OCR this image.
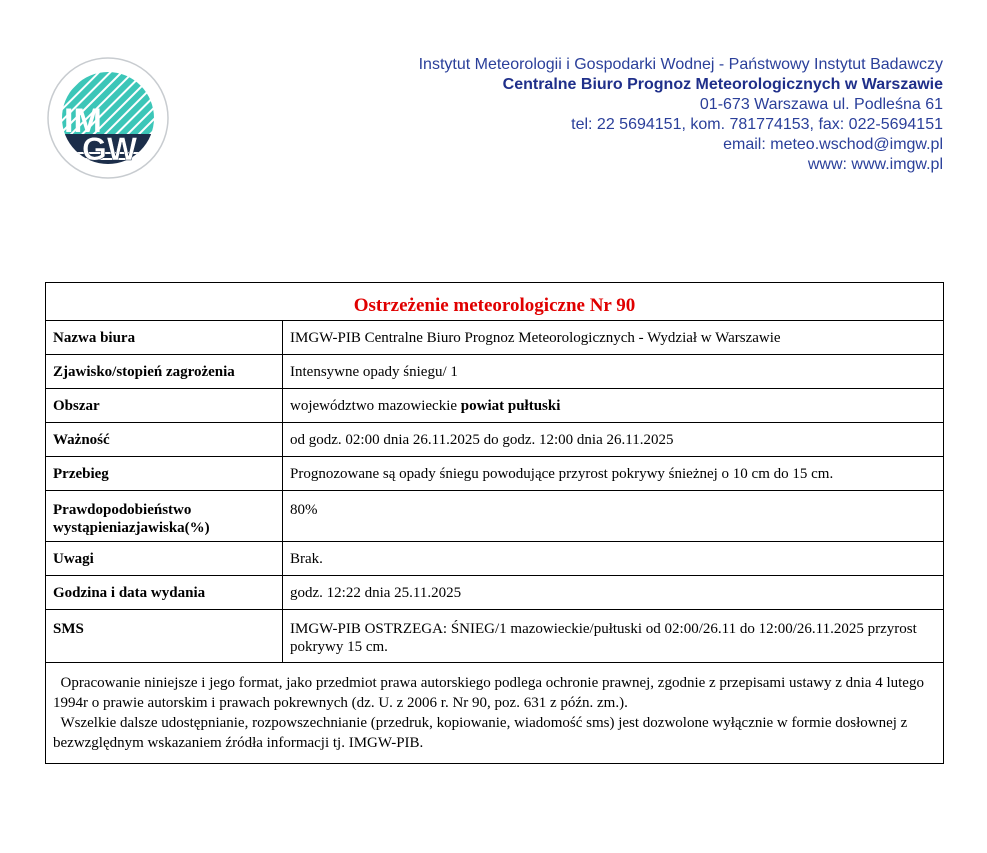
IM
GW
Instytut Meteorologii i Gospodarki Wodnej - Państwowy Instytut Badawczy
Centralne Biuro Prognoz Meteorologicznych w Warszawie
01-673 Warszawa ul. Podleśna 61
tel: 22 5694151, kom. 781774153, fax: 022-5694151
email: meteo.wschod@imgw.pl
www: www.imgw.pl
Ostrzeżenie meteorologiczne Nr 90	
Nazwa biura	IMGW-PIB Centralne Biuro Prognoz Meteorologicznych - Wydział w Warszawie
Zjawisko/stopień zagrożenia	Intensywne opady śniegu/ 1
Obszar	województwo mazowieckie powiat pułtuski
Ważność	od godz. 02:00 dnia 26.11.2025 do godz. 12:00 dnia 26.11.2025
Przebieg	Prognozowane są opady śniegu powodujące przyrost pokrywy śnieżnej o 10 cm do 15 cm.
Prawdopodobieństwo wystąpieniazjawiska(%)	80%
Uwagi	Brak.
Godzina i data wydania	godz. 12:22 dnia 25.11.2025
SMS	IMGW-PIB OSTRZEGA: ŚNIEG/1 mazowieckie/pułtuski od 02:00/26.11 do 12:00/26.11.2025 przyrost pokrywy 15 cm.

Opracowanie niniejsze i jego format, jako przedmiot prawa autorskiego podlega ochronie prawnej, zgodnie z przepisami ustawy z dnia 4 lutego 1994r o prawie autorskim i prawach pokrewnych (dz. U. z 2006 r. Nr 90, poz. 631 z późn. zm.).
Wszelkie dalsze udostępnianie, rozpowszechnianie (przedruk, kopiowanie, wiadomość sms) jest dozwolone wyłącznie w formie dosłownej z bezwzględnym wskazaniem źródła informacji tj. IMGW-PIB.	
